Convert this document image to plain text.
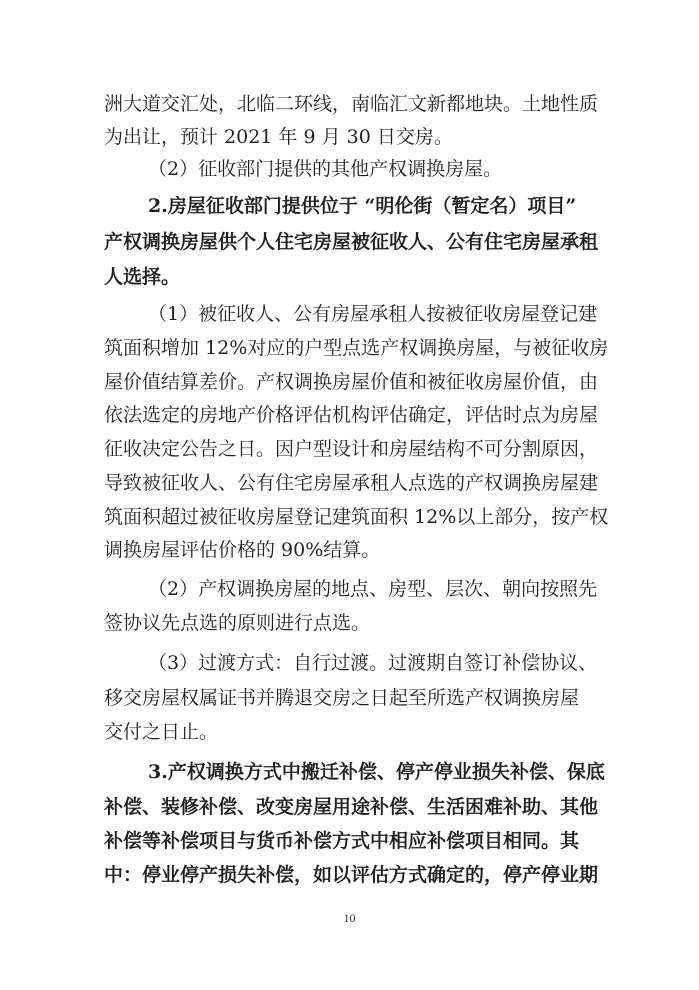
洲大道交汇处，北临二环线，南临汇文新都地块。土地性质
为出让，预计 2021 年 9 月 30 日交房。
（2）征收部门提供的其他产权调换房屋。
2.房屋征收部门提供位于 “明伦街（暂定名）项目”
产权调换房屋供个人住宅房屋被征收人、公有住宅房屋承租
人选择。
（1）被征收人、公有房屋承租人按被征收房屋登记建
筑面积增加 12%对应的户型点选产权调换房屋，与被征收房
屋价值结算差价。产权调换房屋价值和被征收房屋价值，由
依法选定的房地产价格评估机构评估确定，评估时点为房屋
征收决定公告之日。因户型设计和房屋结构不可分割原因，
导致被征收人、公有住宅房屋承租人点选的产权调换房屋建
筑面积超过被征收房屋登记建筑面积 12%以上部分，按产权
调换房屋评估价格的 90%结算。
（2）产权调换房屋的地点、房型、层次、朝向按照先
签协议先点选的原则进行点选。
（3）过渡方式：自行过渡。过渡期自签订补偿协议、
移交房屋权属证书并腾退交房之日起至所选产权调换房屋
交付之日止。
3.产权调换方式中搬迁补偿、停产停业损失补偿、保底
补偿、装修补偿、改变房屋用途补偿、生活困难补助、其他
补偿等补偿项目与货币补偿方式中相应补偿项目相同。其
中：停业停产损失补偿，如以评估方式确定的，停产停业期
10
